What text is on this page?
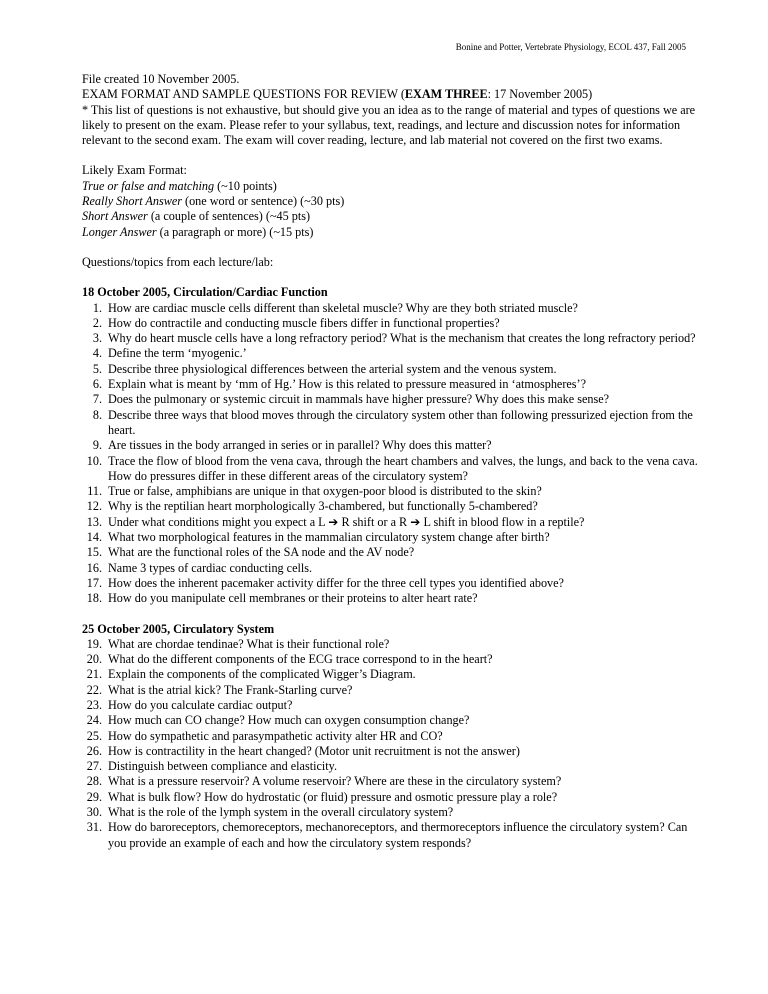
Bonine and Potter, Vertebrate Physiology, ECOL 437, Fall 2005

File created 10 November 2005.

EXAM FORMAT AND SAMPLE QUESTIONS FOR REVIEW (EXAM THREE: 17 November 2005)

* This list of questions is not exhaustive, but should give you an idea as to the range of material and types of questions we are likely to present on the exam. Please refer to your syllabus, text, readings, and lecture and discussion notes for information relevant to the second exam. The exam will cover reading, lecture, and lab material not covered on the first two exams.

Likely Exam Format:

True or false and matching (~10 points)

Really Short Answer (one word or sentence) (~30 pts)

Short Answer (a couple of sentences) (~45 pts)

Longer Answer (a paragraph or more) (~15 pts)

Questions/topics from each lecture/lab:

18 October 2005, Circulation/Cardiac Function

1. How are cardiac muscle cells different than skeletal muscle? Why are they both striated muscle?
2. How do contractile and conducting muscle fibers differ in functional properties?
3. Why do heart muscle cells have a long refractory period? What is the mechanism that creates the long refractory period?
4. Define the term ‘myogenic.’
5. Describe three physiological differences between the arterial system and the venous system.
6. Explain what is meant by ‘mm of Hg.’ How is this related to pressure measured in ‘atmospheres’?
7. Does the pulmonary or systemic circuit in mammals have higher pressure? Why does this make sense?
8. Describe three ways that blood moves through the circulatory system other than following pressurized ejection from the heart.
9. Are tissues in the body arranged in series or in parallel? Why does this matter?
10. Trace the flow of blood from the vena cava, through the heart chambers and valves, the lungs, and back to the vena cava. How do pressures differ in these different areas of the circulatory system?
11. True or false, amphibians are unique in that oxygen-poor blood is distributed to the skin?
12. Why is the reptilian heart morphologically 3-chambered, but functionally 5-chambered?
13. Under what conditions might you expect a L ➔ R shift or a R ➔ L shift in blood flow in a reptile?
14. What two morphological features in the mammalian circulatory system change after birth?
15. What are the functional roles of the SA node and the AV node?
16. Name 3 types of cardiac conducting cells.
17. How does the inherent pacemaker activity differ for the three cell types you identified above?
18. How do you manipulate cell membranes or their proteins to alter heart rate?

25 October 2005, Circulatory System

19. What are chordae tendinae? What is their functional role?
20. What do the different components of the ECG trace correspond to in the heart?
21. Explain the components of the complicated Wigger’s Diagram.
22. What is the atrial kick? The Frank-Starling curve?
23. How do you calculate cardiac output?
24. How much can CO change? How much can oxygen consumption change?
25. How do sympathetic and parasympathetic activity alter HR and CO?
26. How is contractility in the heart changed? (Motor unit recruitment is not the answer)
27. Distinguish between compliance and elasticity.
28. What is a pressure reservoir? A volume reservoir? Where are these in the circulatory system?
29. What is bulk flow? How do hydrostatic (or fluid) pressure and osmotic pressure play a role?
30. What is the role of the lymph system in the overall circulatory system?
31. How do baroreceptors, chemoreceptors, mechanoreceptors, and thermoreceptors influence the circulatory system? Can you provide an example of each and how the circulatory system responds?
